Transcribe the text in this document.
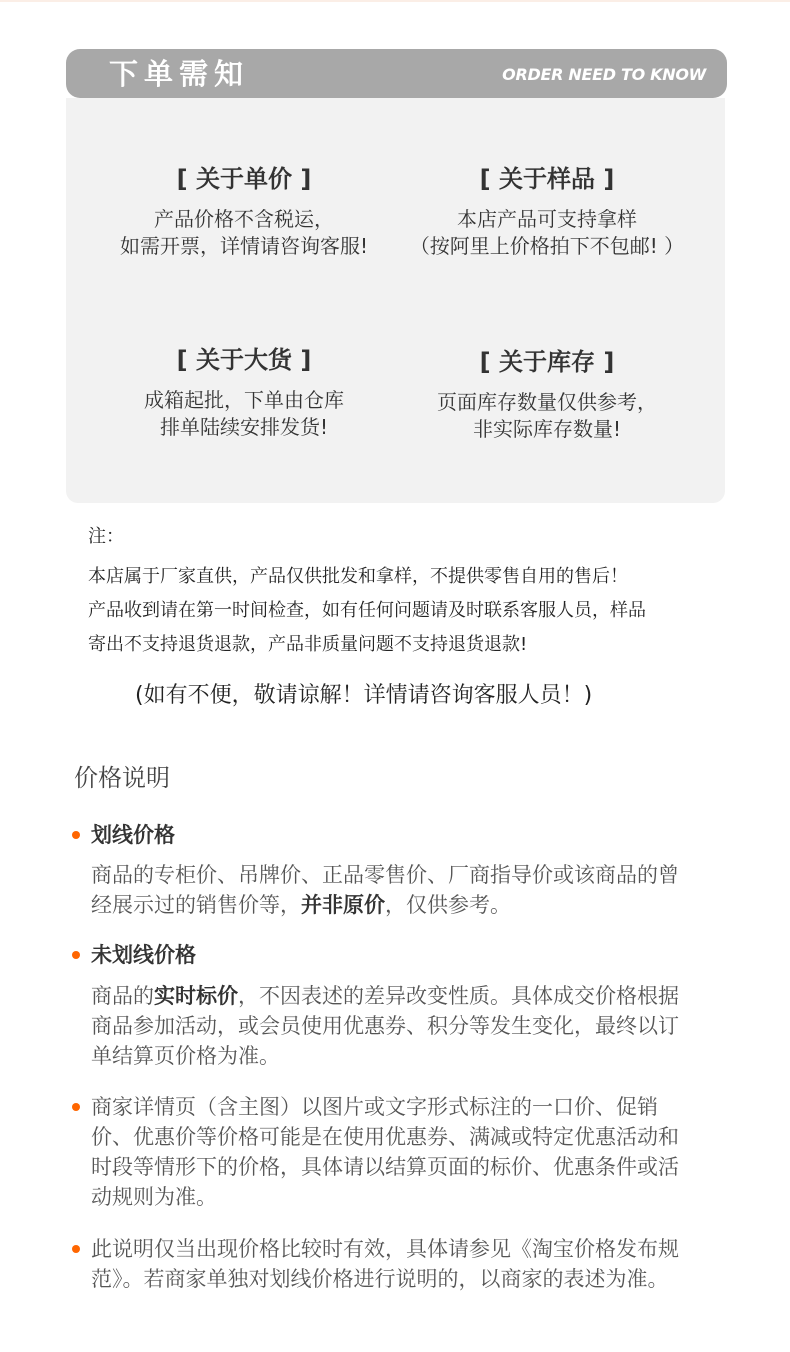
下单需知	ORDER NEED TO KNOW
[ 关于单价 ]
产品价格不含税运，
如需开票，详情请咨询客服!
[ 关于样品 ]
本店产品可支持拿样
（按阿里上价格拍下不包邮! ）
[ 关于大货 ]
成箱起批，下单由仓库
排单陆续安排发货!
[ 关于库存 ]
页面库存数量仅供参考，
非实际库存数量!
注：
本店属于厂家直供，产品仅供批发和拿样，不提供零售自用的售后！
产品收到请在第一时间检查，如有任何问题请及时联系客服人员，样品
寄出不支持退货退款，产品非质量问题不支持退货退款!
(如有不便，敬请谅解！详情请咨询客服人员！)
价格说明
划线价格
商品的专柜价、吊牌价、正品零售价、厂商指导价或该商品的曾
经展示过的销售价等，并非原价，仅供参考。
未划线价格
商品的实时标价，不因表述的差异改变性质。具体成交价格根据
商品参加活动，或会员使用优惠券、积分等发生变化，最终以订
单结算页价格为准。
商家详情页（含主图）以图片或文字形式标注的一口价、促销
价、优惠价等价格可能是在使用优惠券、满减或特定优惠活动和
时段等情形下的价格，具体请以结算页面的标价、优惠条件或活
动规则为准。
此说明仅当出现价格比较时有效，具体请参见《淘宝价格发布规
范》。若商家单独对划线价格进行说明的，以商家的表述为准。
